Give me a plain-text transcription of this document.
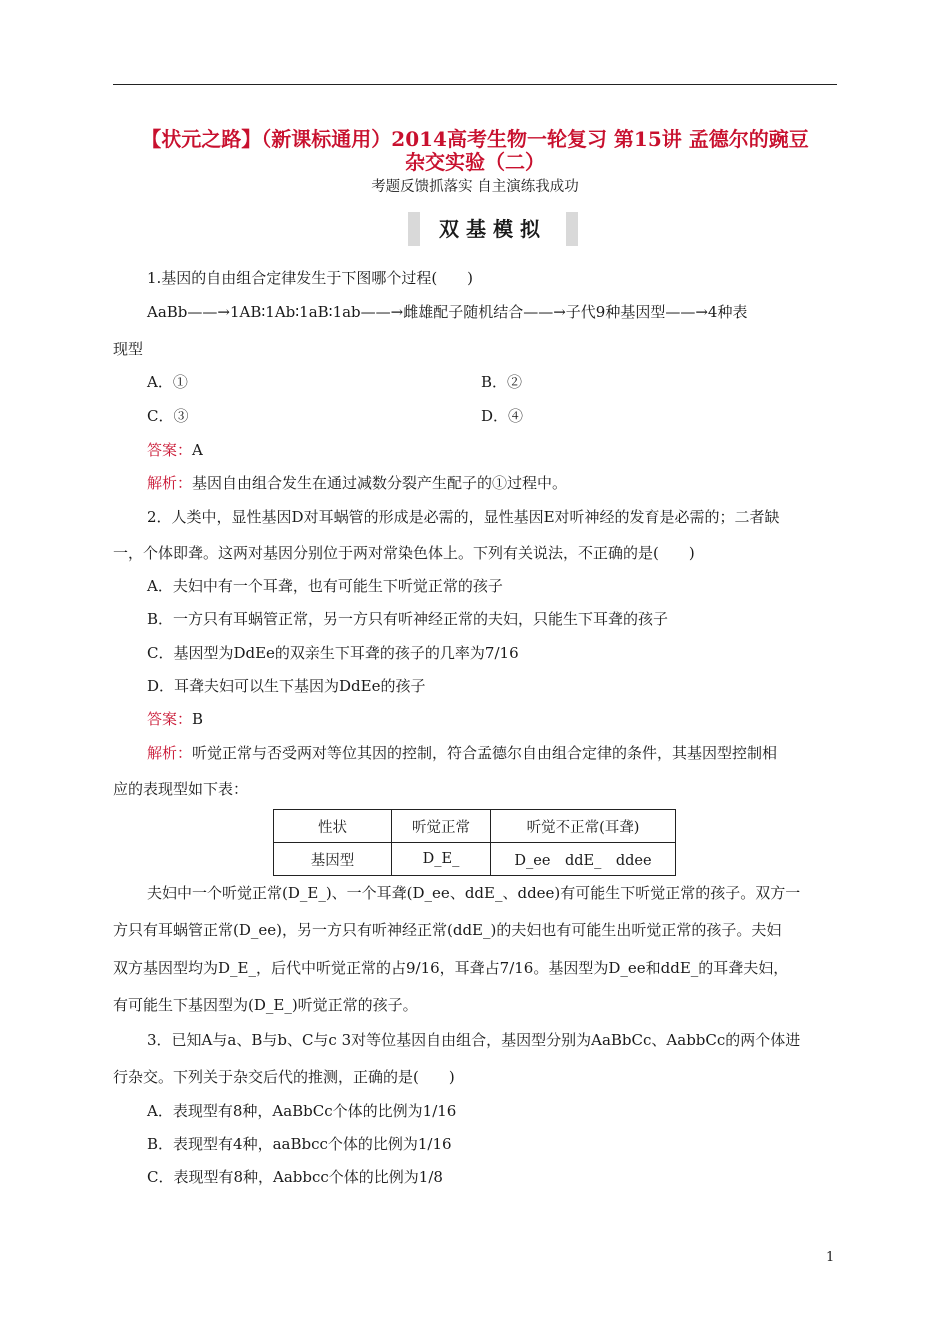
【状元之路】（新课标通用）2014高考生物一轮复习 第15讲 孟德尔的豌豆
杂交实验（二）
考题反馈抓落实 自主演练我成功
双基模拟
1.基因的自由组合定律发生于下图哪个过程(　　)
AaBb——→1AB∶1Ab∶1aB∶1ab——→雌雄配子随机结合——→子代9种基因型——→4种表
现型
A．①	B．②
C．③	D．④
答案：A
解析：基因自由组合发生在通过减数分裂产生配子的①过程中。
2．人类中，显性基因D对耳蜗管的形成是必需的，显性基因E对听神经的发育是必需的；二者缺
一，个体即聋。这两对基因分别位于两对常染色体上。下列有关说法，不正确的是(　　)
A．夫妇中有一个耳聋，也有可能生下听觉正常的孩子
B．一方只有耳蜗管正常，另一方只有听神经正常的夫妇，只能生下耳聋的孩子
C．基因型为DdEe的双亲生下耳聋的孩子的几率为7/16
D．耳聋夫妇可以生下基因为DdEe的孩子
答案：B
解析：听觉正常与否受两对等位其因的控制，符合孟德尔自由组合定律的条件，其基因型控制相
应的表现型如下表：
性状	听觉正常	听觉不正常(耳聋)
基因型	D_E_	D_ee　ddE_　ddee
夫妇中一个听觉正常(D_E_)、一个耳聋(D_ee、ddE_、ddee)有可能生下听觉正常的孩子。双方一
方只有耳蜗管正常(D_ee)，另一方只有听神经正常(ddE_)的夫妇也有可能生出听觉正常的孩子。夫妇
双方基因型均为D_E_，后代中听觉正常的占9/16，耳聋占7/16。基因型为D_ee和ddE_的耳聋夫妇，
有可能生下基因型为(D_E_)听觉正常的孩子。
3．已知A与a、B与b、C与c 3对等位基因自由组合，基因型分别为AaBbCc、AabbCc的两个体进
行杂交。下列关于杂交后代的推测，正确的是(　　)
A．表现型有8种，AaBbCc个体的比例为1/16
B．表现型有4种，aaBbcc个体的比例为1/16
C．表现型有8种，Aabbcc个体的比例为1/8
1
